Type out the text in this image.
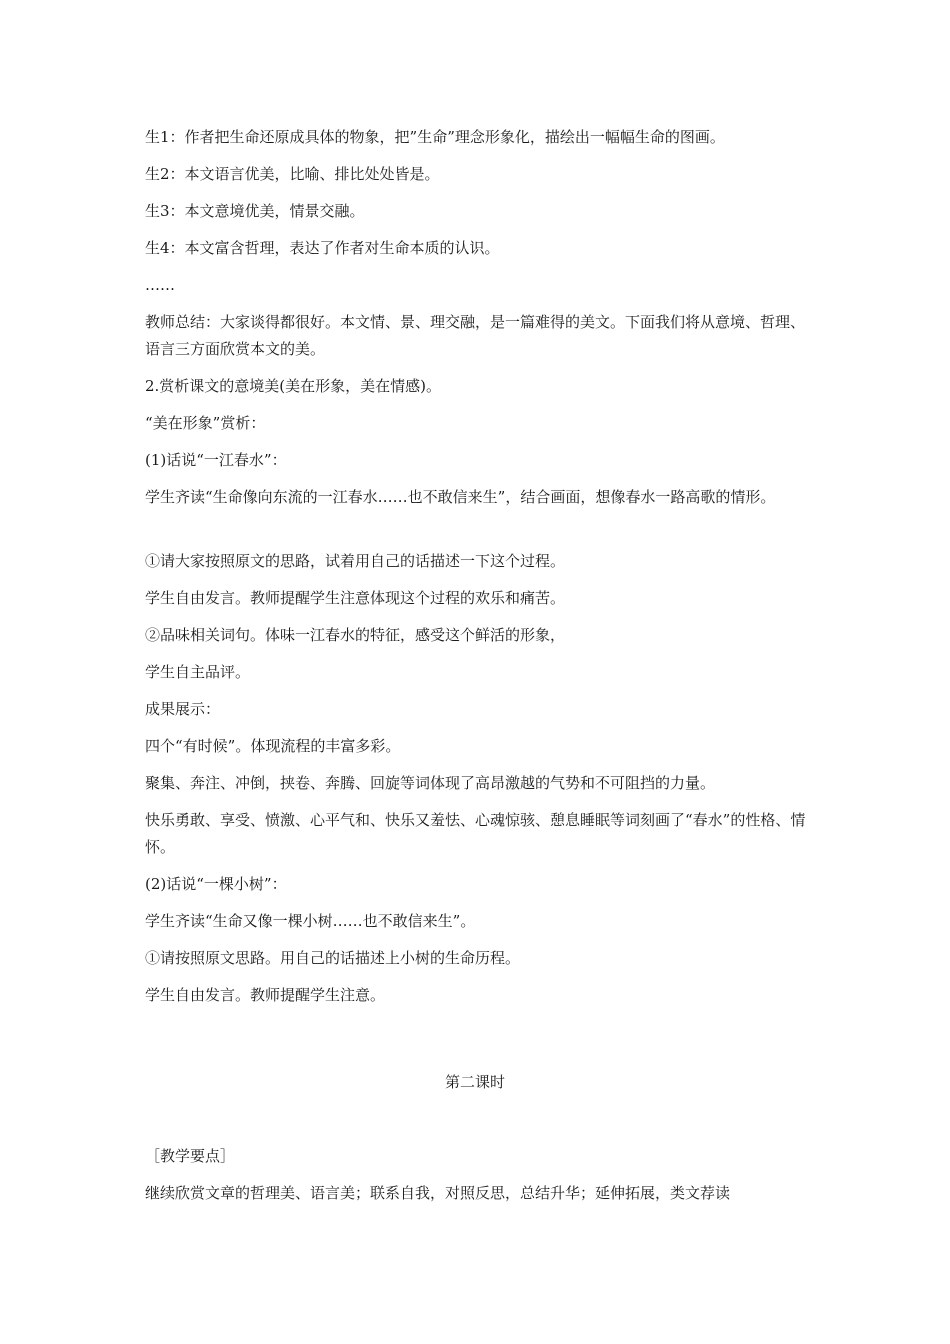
生1：作者把生命还原成具体的物象，把”生命”理念形象化，描绘出一幅幅生命的图画。
生2：本文语言优美，比喻、排比处处皆是。
生3：本文意境优美，情景交融。
生4：本文富含哲理，表达了作者对生命本质的认识。
……
教师总结：大家谈得都很好。本文情、景、理交融，是一篇难得的美文。下面我们将从意境、哲理、语言三方面欣赏本文的美。
2.赏析课文的意境美(美在形象，美在情感)。
“美在形象”赏析：
(1)话说“一江春水”：
学生齐读“生命像向东流的一江春水……也不敢信来生”，结合画面，想像春水一路高歌的情形。
①请大家按照原文的思路，试着用自己的话描述一下这个过程。
学生自由发言。教师提醒学生注意体现这个过程的欢乐和痛苦。
②品味相关词句。体味一江春水的特征，感受这个鲜活的形象，
学生自主品评。
成果展示：
四个“有时候”。体现流程的丰富多彩。
聚集、奔注、冲倒，挟卷、奔腾、回旋等词体现了高昂激越的气势和不可阻挡的力量。
快乐勇敢、享受、愤激、心平气和、快乐又羞怯、心魂惊骇、憩息睡眠等词刻画了“春水”的性格、情怀。
(2)话说“一棵小树”：
学生齐读“生命又像一棵小树……也不敢信来生”。
①请按照原文思路。用自己的话描述上小树的生命历程。
学生自由发言。教师提醒学生注意。
第二课时
［教学要点］
继续欣赏文章的哲理美、语言美；联系自我，对照反思，总结升华；延伸拓展，类文荐读
